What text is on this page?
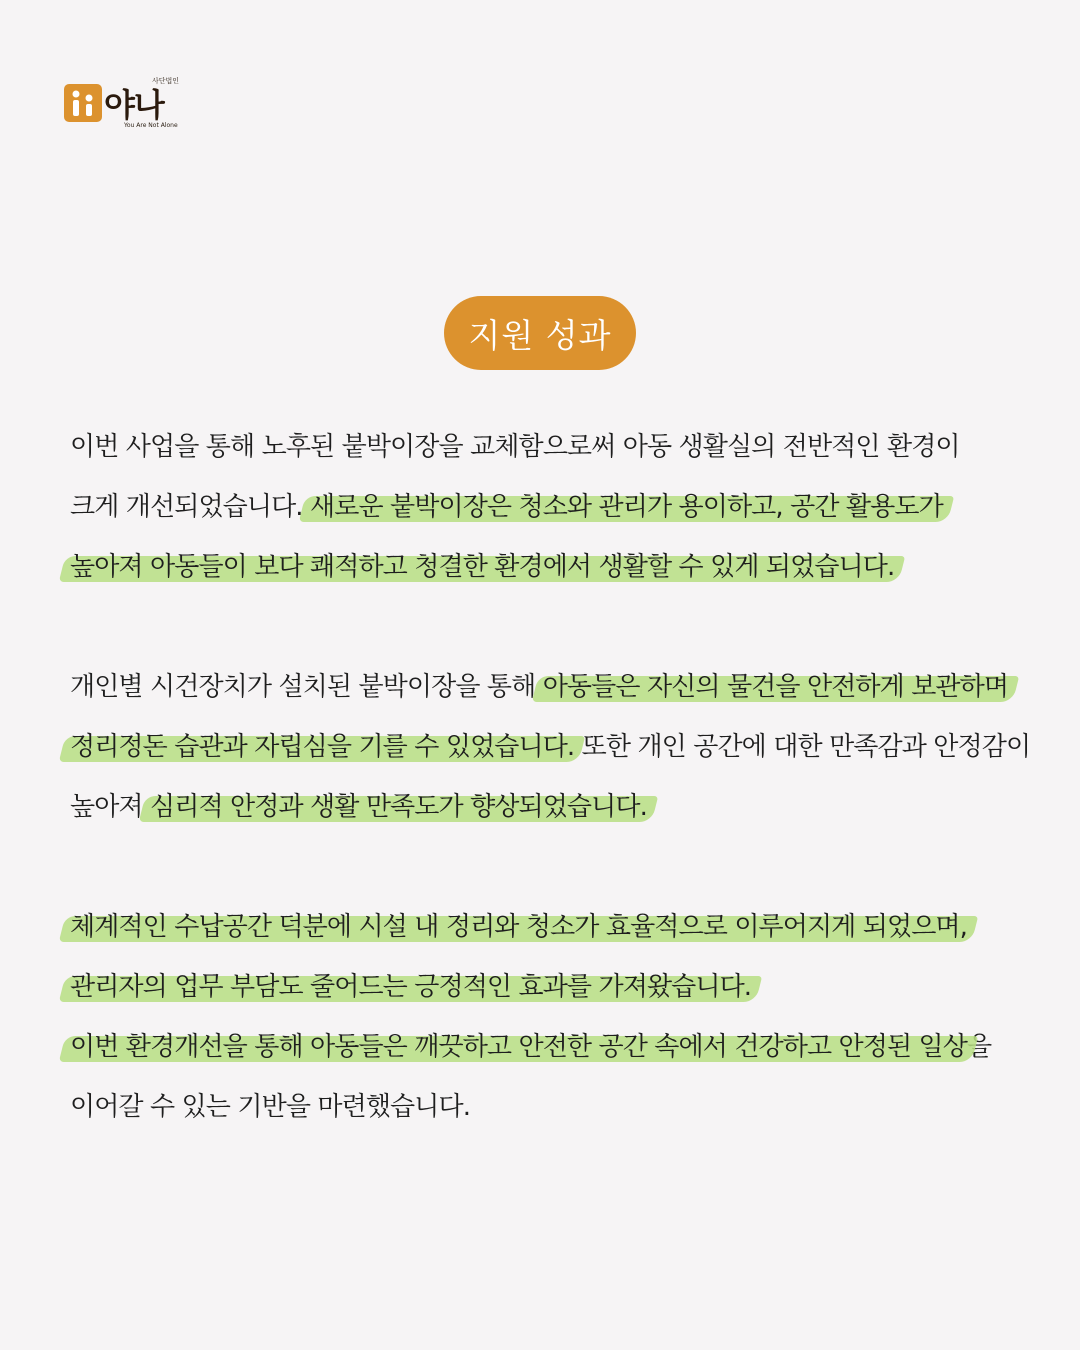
사단법인
야나
You Are Not Alone
지원 성과
이번 사업을 통해 노후된 붙박이장을 교체함으로써 아동 생활실의 전반적인 환경이
크게 개선되었습니다. 새로운 붙박이장은 청소와 관리가 용이하고, 공간 활용도가
높아져 아동들이 보다 쾌적하고 청결한 환경에서 생활할 수 있게 되었습니다.
개인별 시건장치가 설치된 붙박이장을 통해 아동들은 자신의 물건을 안전하게 보관하며
정리정돈 습관과 자립심을 기를 수 있었습니다. 또한 개인 공간에 대한 만족감과 안정감이
높아져 심리적 안정과 생활 만족도가 향상되었습니다.
체계적인 수납공간 덕분에 시설 내 정리와 청소가 효율적으로 이루어지게 되었으며,
관리자의 업무 부담도 줄어드는 긍정적인 효과를 가져왔습니다.
이번 환경개선을 통해 아동들은 깨끗하고 안전한 공간 속에서 건강하고 안정된 일상을
이어갈 수 있는 기반을 마련했습니다.
